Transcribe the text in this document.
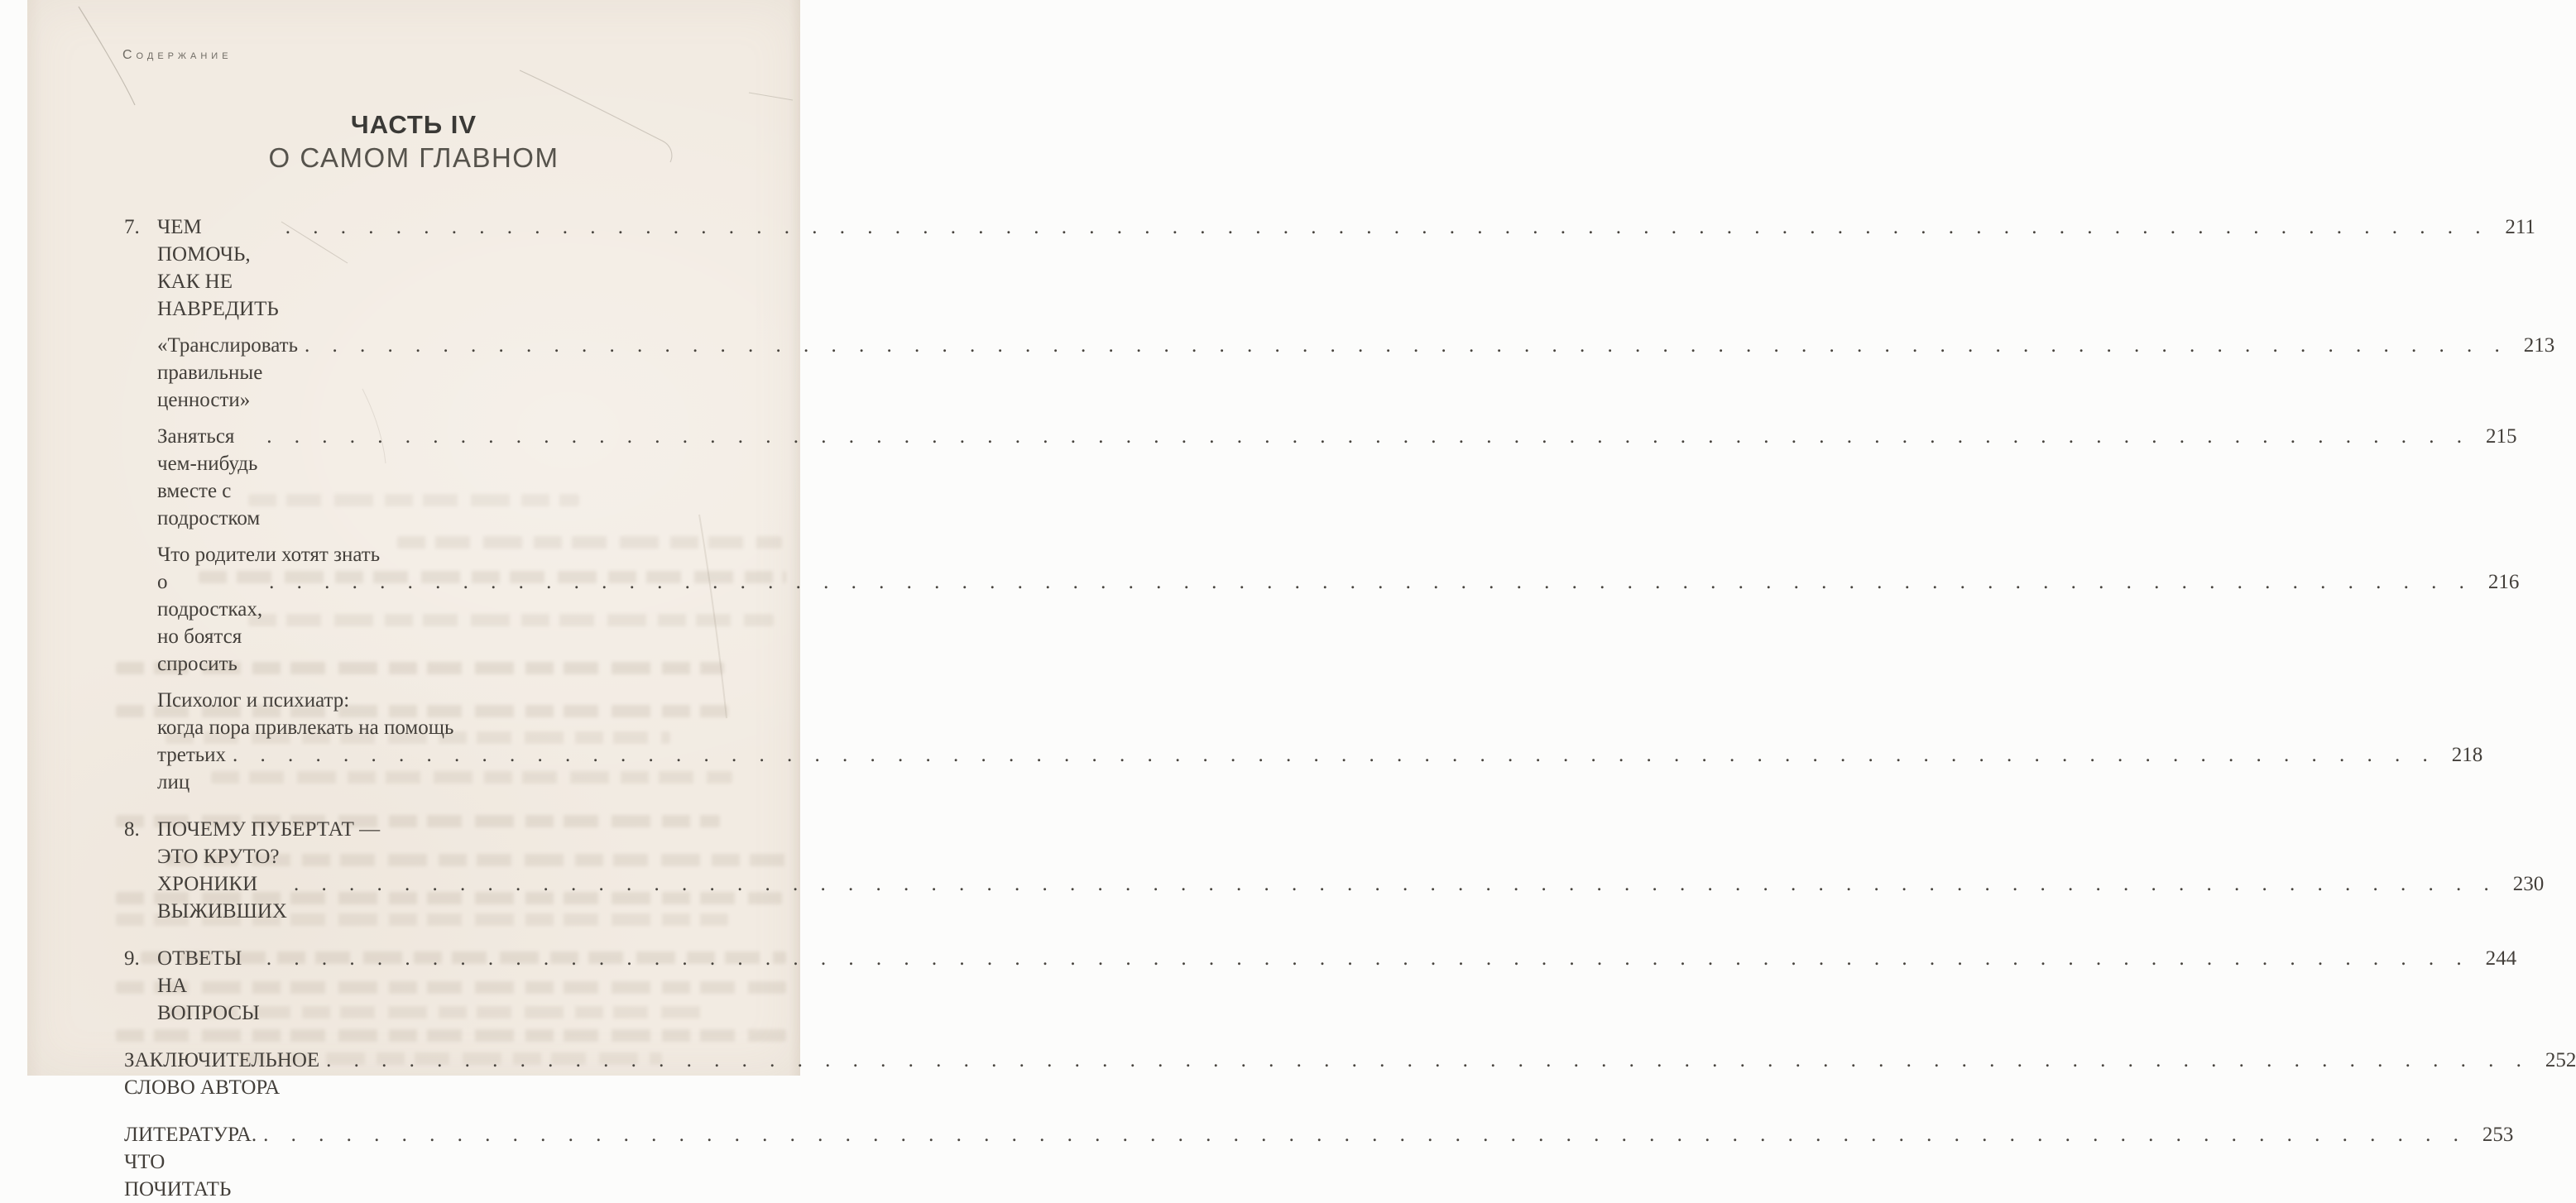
Содержание
ЧАСТЬ IV
О САМОМ ГЛАВНОМ
7. ЧЕМ ПОМОЧЬ, КАК НЕ НАВРЕДИТЬ
. . . . . . . . . . . . . . . . . . . . . . . . . . . . . . . . . . . . . . . . . . . . . . . . . . . . . . . . . . . . . . . . . . . . . . . . . . . . . . . . 211
«Транслировать правильные ценности»
. . . . . . . . . . . . . . . . . . . . . . . . . . . . . . . . . . . . . . . . . . . . . . . . . . . . . . . . . . . . . . . . . . . . . . . . . . . . . . . . 213
Заняться чем-нибудь вместе с подростком
. . . . . . . . . . . . . . . . . . . . . . . . . . . . . . . . . . . . . . . . . . . . . . . . . . . . . . . . . . . . . . . . . . . . . . . . . . . . . . . . 215
Что родители хотят знать
о подростках, но боятся спросить
. . . . . . . . . . . . . . . . . . . . . . . . . . . . . . . . . . . . . . . . . . . . . . . . . . . . . . . . . . . . . . . . . . . . . . . . . . . . . . . . 216
Психолог и психиатр:
когда пора привлекать на помощь
третьих лиц
. . . . . . . . . . . . . . . . . . . . . . . . . . . . . . . . . . . . . . . . . . . . . . . . . . . . . . . . . . . . . . . . . . . . . . . . . . . . . . . . 218
8. ПОЧЕМУ ПУБЕРТАТ —
ЭТО КРУТО?
ХРОНИКИ ВЫЖИВШИХ
. . . . . . . . . . . . . . . . . . . . . . . . . . . . . . . . . . . . . . . . . . . . . . . . . . . . . . . . . . . . . . . . . . . . . . . . . . . . . . . . 230
9. ОТВЕТЫ НА ВОПРОСЫ
. . . . . . . . . . . . . . . . . . . . . . . . . . . . . . . . . . . . . . . . . . . . . . . . . . . . . . . . . . . . . . . . . . . . . . . . . . . . . . . . 244
ЗАКЛЮЧИТЕЛЬНОЕ СЛОВО АВТОРА
. . . . . . . . . . . . . . . . . . . . . . . . . . . . . . . . . . . . . . . . . . . . . . . . . . . . . . . . . . . . . . . . . . . . . . . . . . . . . . . . 252
ЛИТЕРАТУРА. ЧТО ПОЧИТАТЬ
. . . . . . . . . . . . . . . . . . . . . . . . . . . . . . . . . . . . . . . . . . . . . . . . . . . . . . . . . . . . . . . . . . . . . . . . . . . . . . . . 253
